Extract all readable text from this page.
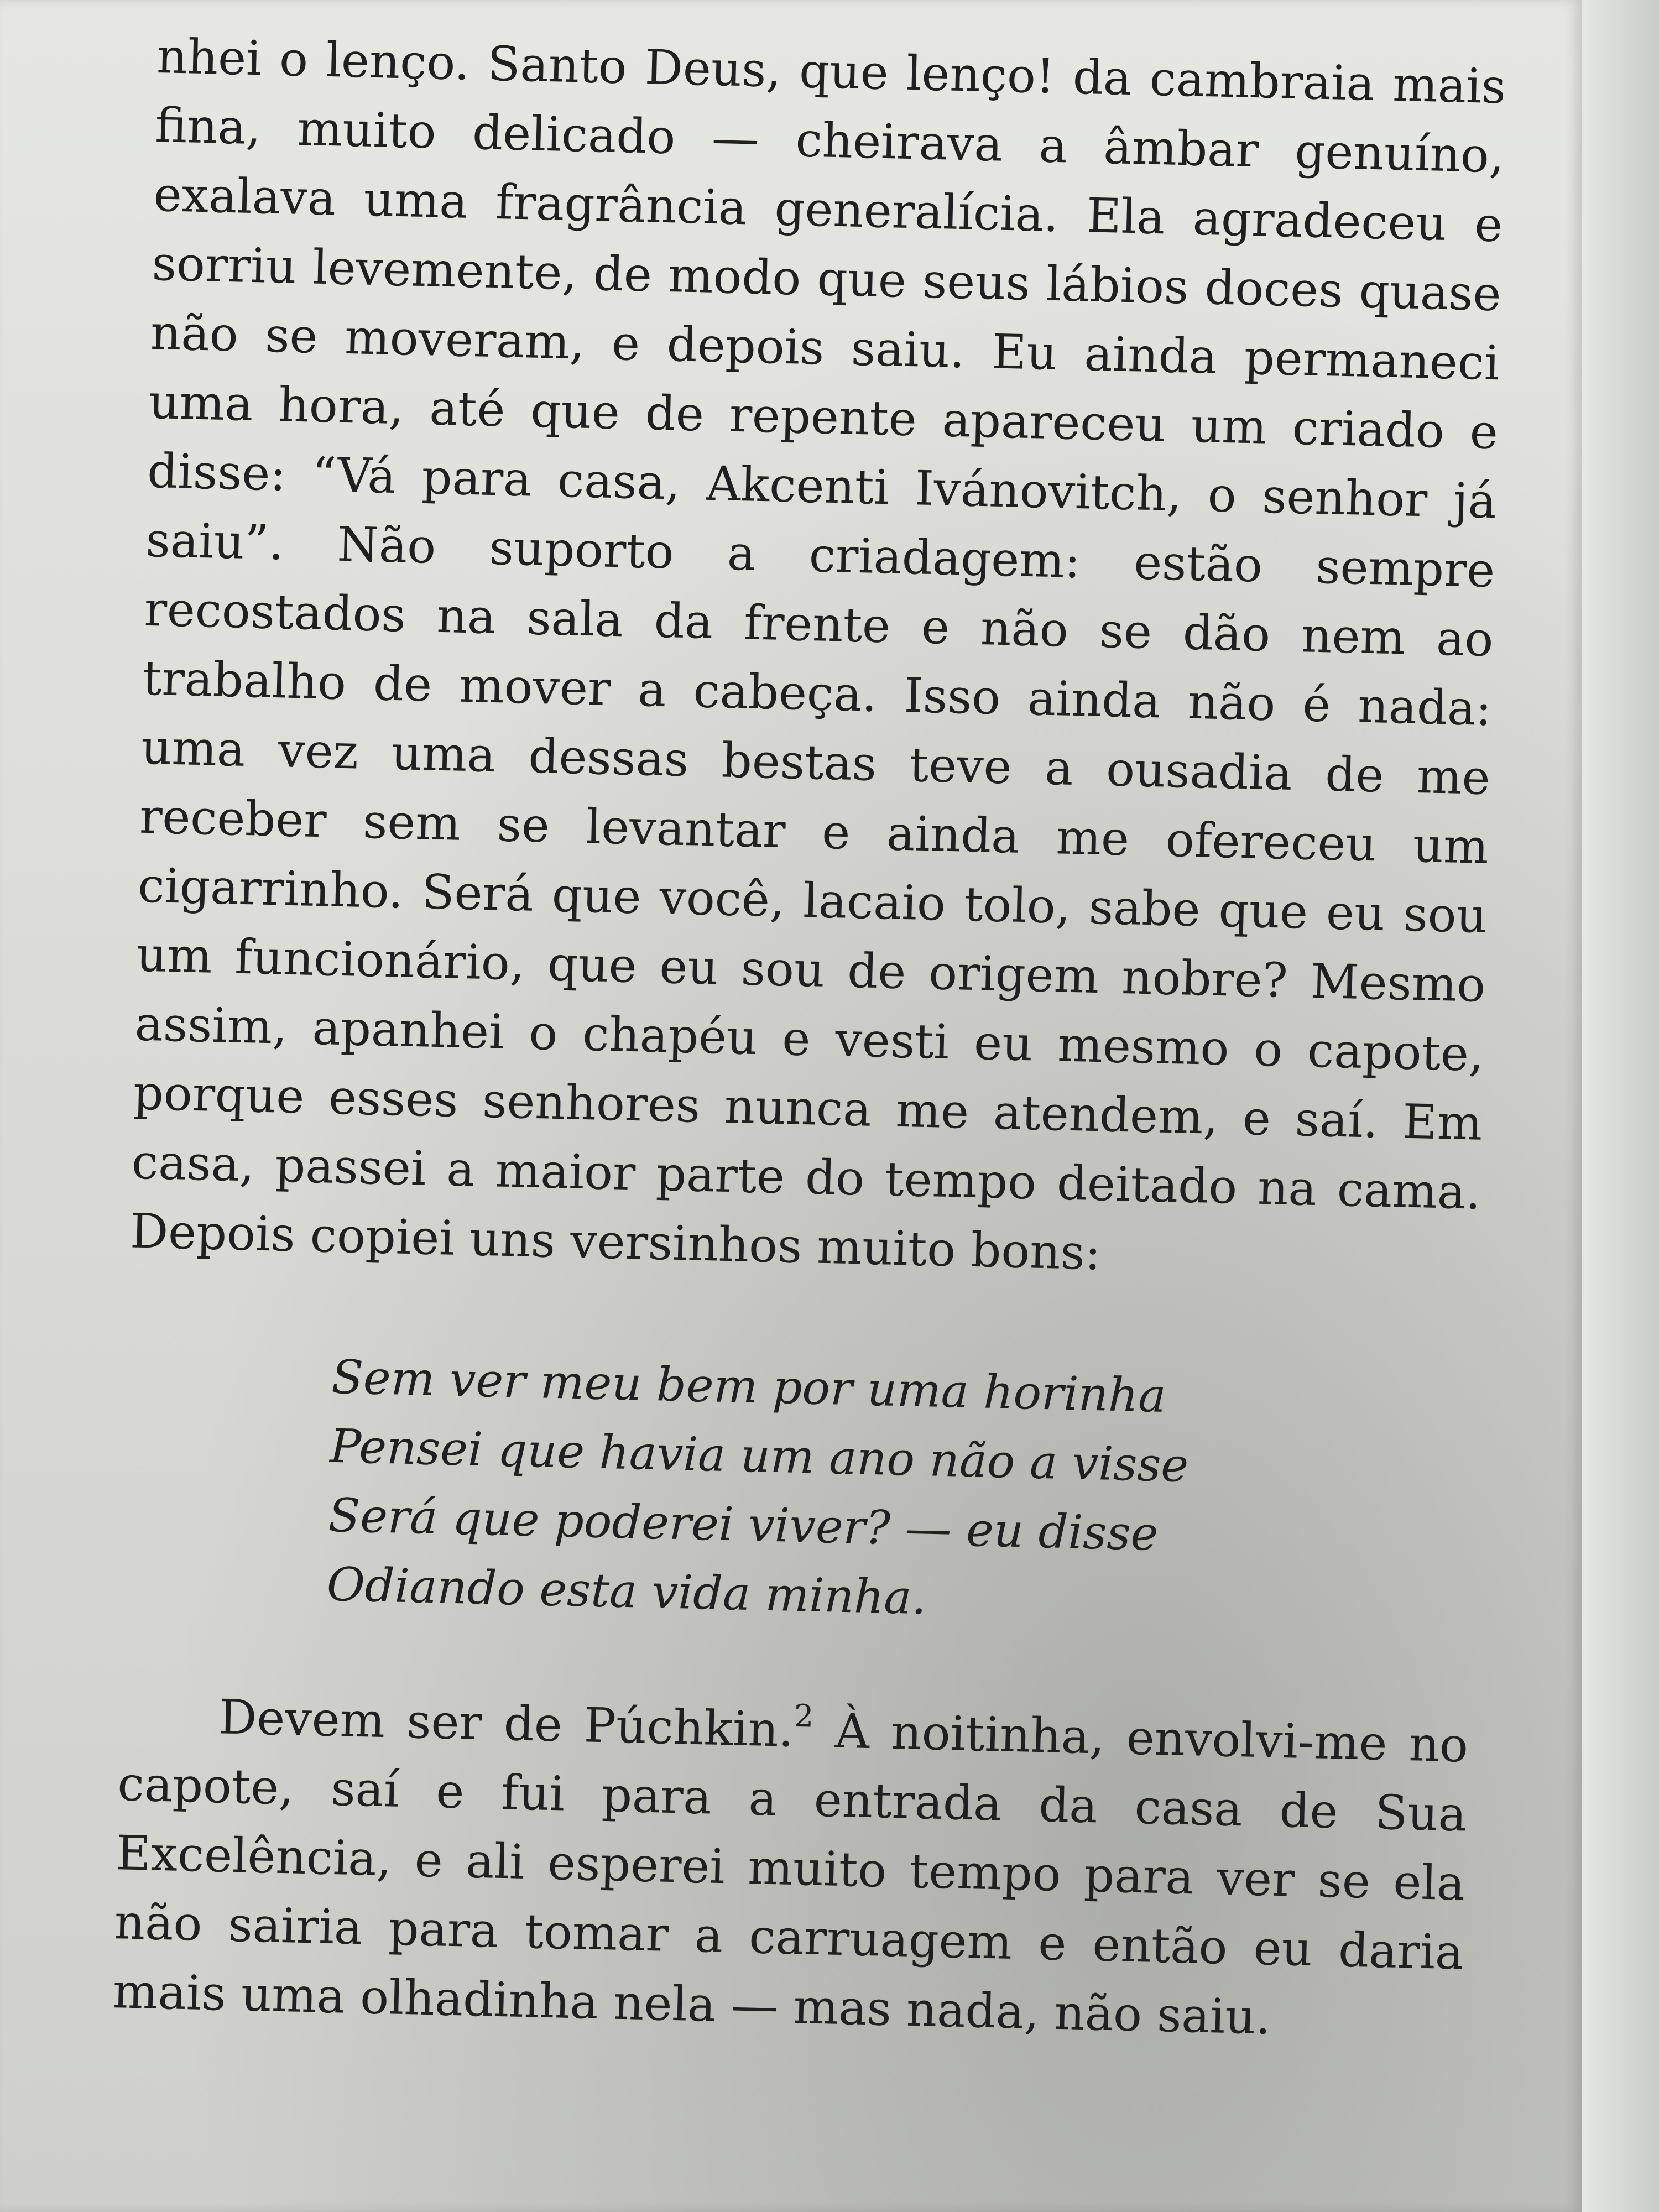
nhei o lenço. Santo Deus, que lenço! da cambraia mais fina, muito delicado — cheirava a âmbar genuíno, exalava uma fragrância generalícia. Ela agradeceu e sorriu levemente, de modo que seus lábios doces quase não se moveram, e depois saiu. Eu ainda permaneci uma hora, até que de repente apareceu um criado e disse: “Vá para casa, Akcenti Ivánovitch, o senhor já saiu”. Não suporto a criadagem: estão sempre recostados na sala da frente e não se dão nem ao trabalho de mover a cabeça. Isso ainda não é nada: uma vez uma dessas bestas teve a ousadia de me receber sem se levantar e ainda me ofereceu um cigarrinho. Será que você, lacaio tolo, sabe que eu sou um funcionário, que eu sou de origem nobre? Mesmo assim, apanhei o chapéu e vesti eu mesmo o capote, porque esses senhores nunca me atendem, e saí. Em casa, passei a maior parte do tempo deitado na cama. Depois copiei uns versinhos muito bons:

Sem ver meu bem por uma horinha
Pensei que havia um ano não a visse
Será que poderei viver? — eu disse
Odiando esta vida minha.

Devem ser de Púchkin.$^2$ À noitinha, envolvi-me no capote, saí e fui para a entrada da casa de Sua Excelência, e ali esperei muito tempo para ver se ela não sairia para tomar a carruagem e então eu daria mais uma olhadinha nela — mas nada, não saiu.
